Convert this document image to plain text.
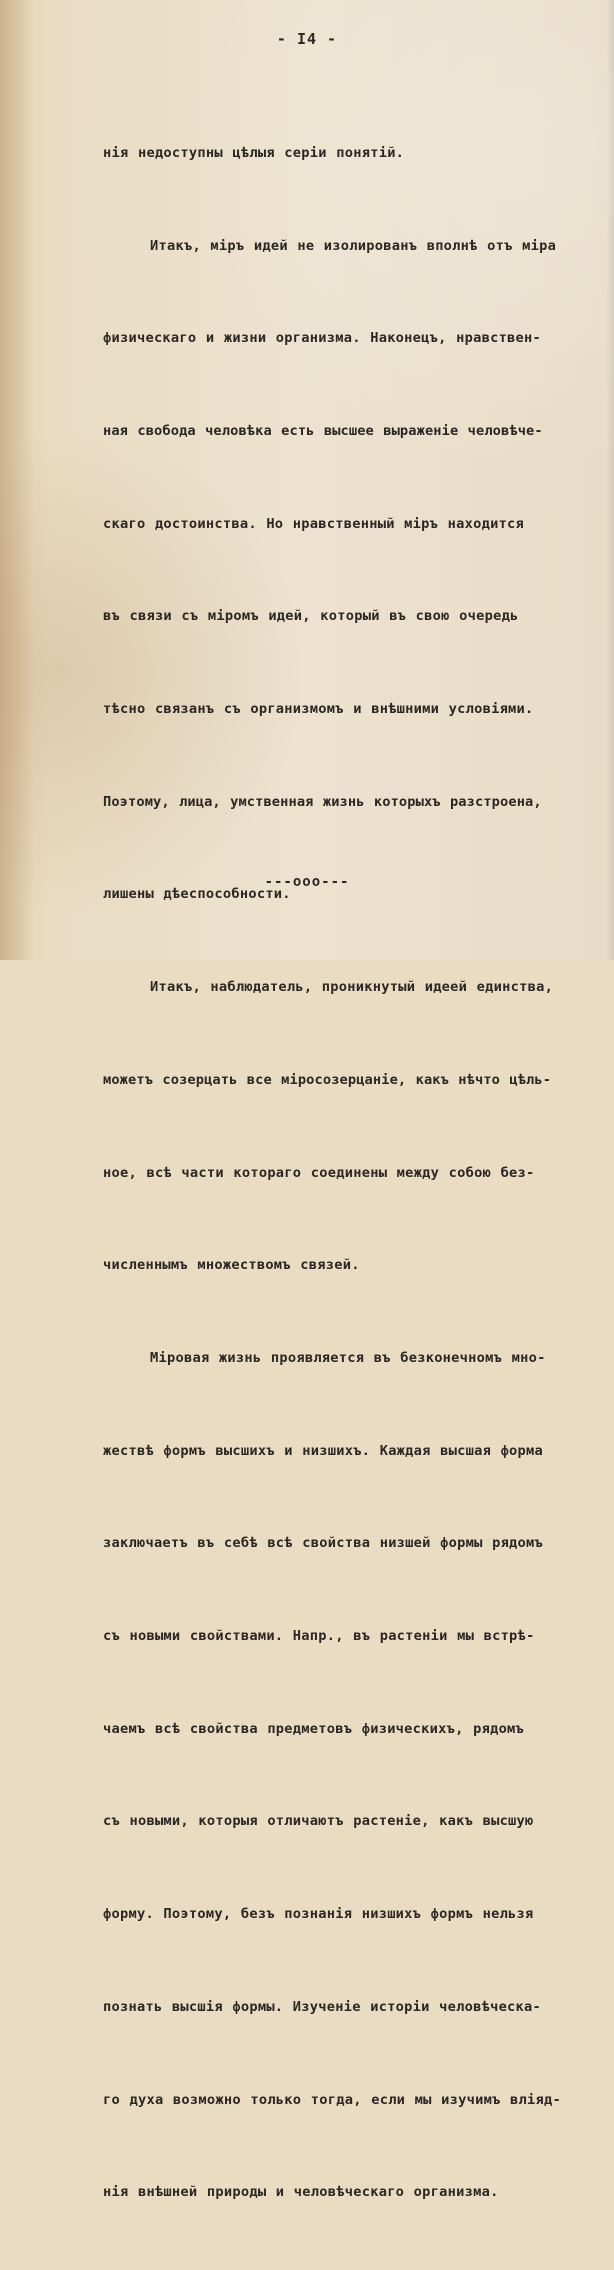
- I4 -

нія недоступны цѣлыя серіи понятій.

Итакъ, міръ идей не изолированъ вполнѣ отъ міра

физическаго и жизни организма. Наконецъ, нравствен-

ная свобода человѣка есть высшее выраженіе человѣче-

скаго достоинства. Но нравственный міръ находится

въ связи съ міромъ идей, который въ свою очередь

тѣсно связанъ съ организмомъ и внѣшними условіями.

Поэтому, лица, умственная жизнь которыхъ разстроена,

лишены дѣеспособности.

Итакъ, наблюдатель, проникнутый идеей единства,

можетъ созерцать все міросозерцаніе, какъ нѣчто цѣль-

ное, всѣ части котораго соединены между собою без-

численнымъ множествомъ связей.

Міровая жизнь проявляется въ безконечномъ мно-

жествѣ формъ высшихъ и низшихъ. Каждая высшая форма

заключаетъ въ себѣ всѣ свойства низшей формы рядомъ

съ новыми свойствами. Напр., въ растеніи мы встрѣ-

чаемъ всѣ свойства предметовъ физическихъ, рядомъ

съ новыми, которыя отличаютъ растеніе, какъ высшую

форму. Поэтому, безъ познанія низшихъ формъ нельзя

познать высшія формы. Изученіе исторіи человѣческа-

го духа возможно только тогда, если мы изучимъ вліяд-

нія внѣшней природы и человѣческаго организма.

---ооо---
